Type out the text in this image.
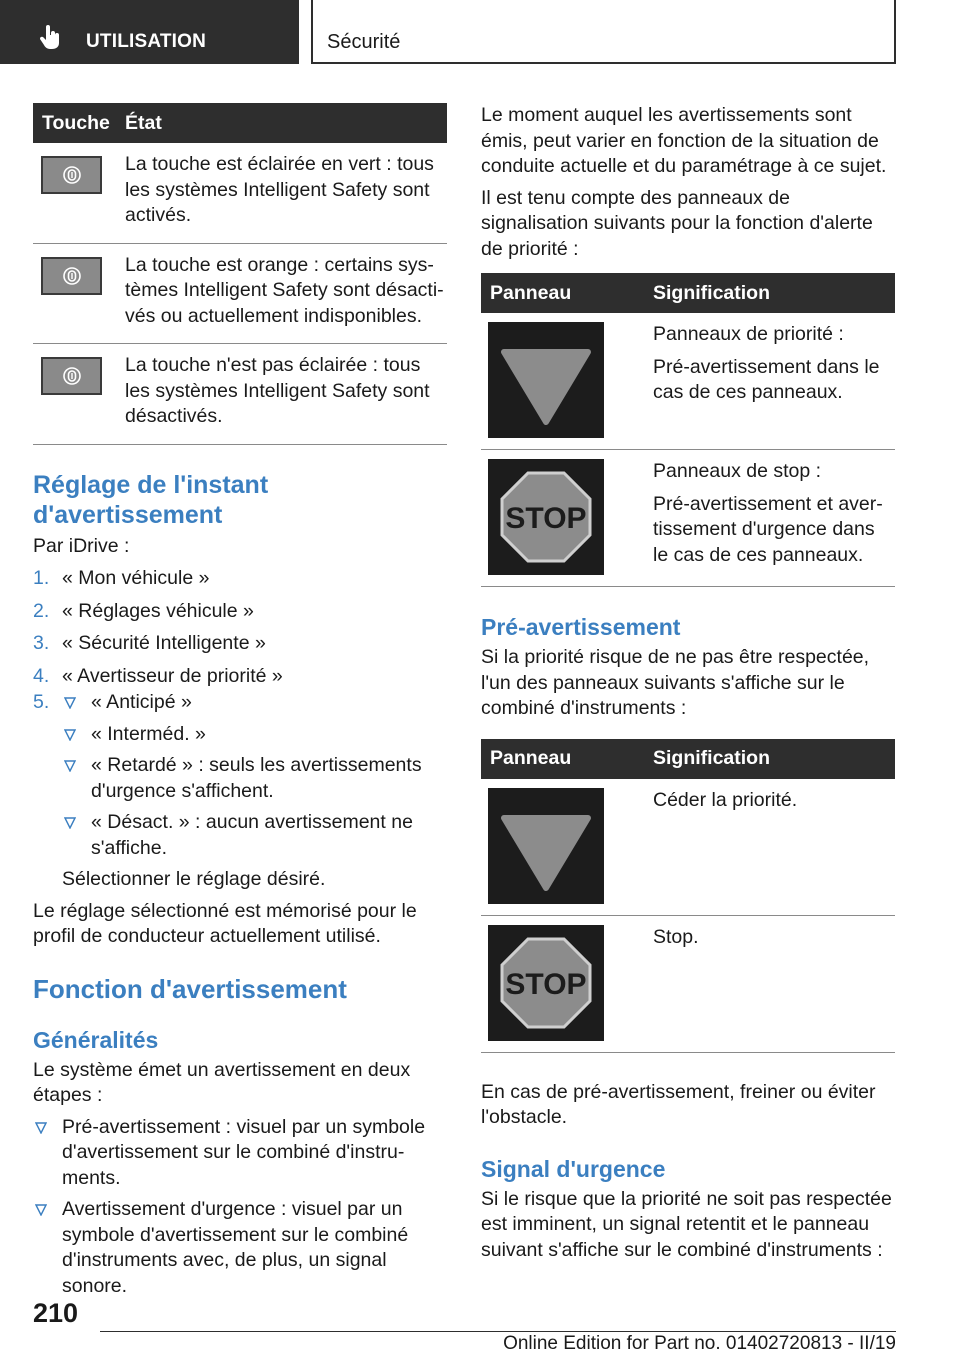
UTILISATION	Sécurité
Touche	État

La touche est éclairée en vert : tous les systèmes Intelligent Safety sont activés.

La touche est orange : certains systèmes Intelligent Safety sont désactivés ou actuellement indisponibles.

La touche n'est pas éclairée : tous les systèmes Intelligent Safety sont désactivés.

Réglage de l'instant d'avertissement

Par iDrive :

1. « Mon véhicule »
2. « Réglages véhicule »
3. « Sécurité Intelligente »
4. « Avertisseur de priorité »
5.	« Anticipé »
« Interméd. »
« Retardé » : seuls les avertissements d'urgence s'affichent.
« Désact. » : aucun avertissement ne s'affiche.

Sélectionner le réglage désiré.

Le réglage sélectionné est mémorisé pour le profil de conducteur actuellement utilisé.

Fonction d'avertissement
Généralités

Le système émet un avertissement en deux étapes :

Pré-avertissement : visuel par un symbole d'avertissement sur le combiné d'instruments.
Avertissement d'urgence : visuel par un symbole d'avertissement sur le combiné d'instruments avec, de plus, un signal sonore.

Le moment auquel les avertissements sont émis, peut varier en fonction de la situation de conduite actuelle et du paramétrage à ce sujet.

Il est tenu compte des panneaux de signalisation suivants pour la fonction d'alerte de priorité :

Panneau	Signification

Panneaux de priorité :

Pré-avertissement dans le cas de ces panneaux.

STOP	Panneaux de stop :

Pré-avertissement et avertissement d'urgence dans le cas de ces panneaux.

Pré-avertissement

Si la priorité risque de ne pas être respectée, l'un des panneaux suivants s'affiche sur le combiné d'instruments :

Panneau	Signification

Céder la priorité.

STOP	Stop.

En cas de pré-avertissement, freiner ou éviter l'obstacle.

Signal d'urgence

Si le risque que la priorité ne soit pas respectée est imminent, un signal retentit et le panneau suivant s'affiche sur le combiné d'instruments :

210
Online Edition for Part no. 01402720813 - II/19
